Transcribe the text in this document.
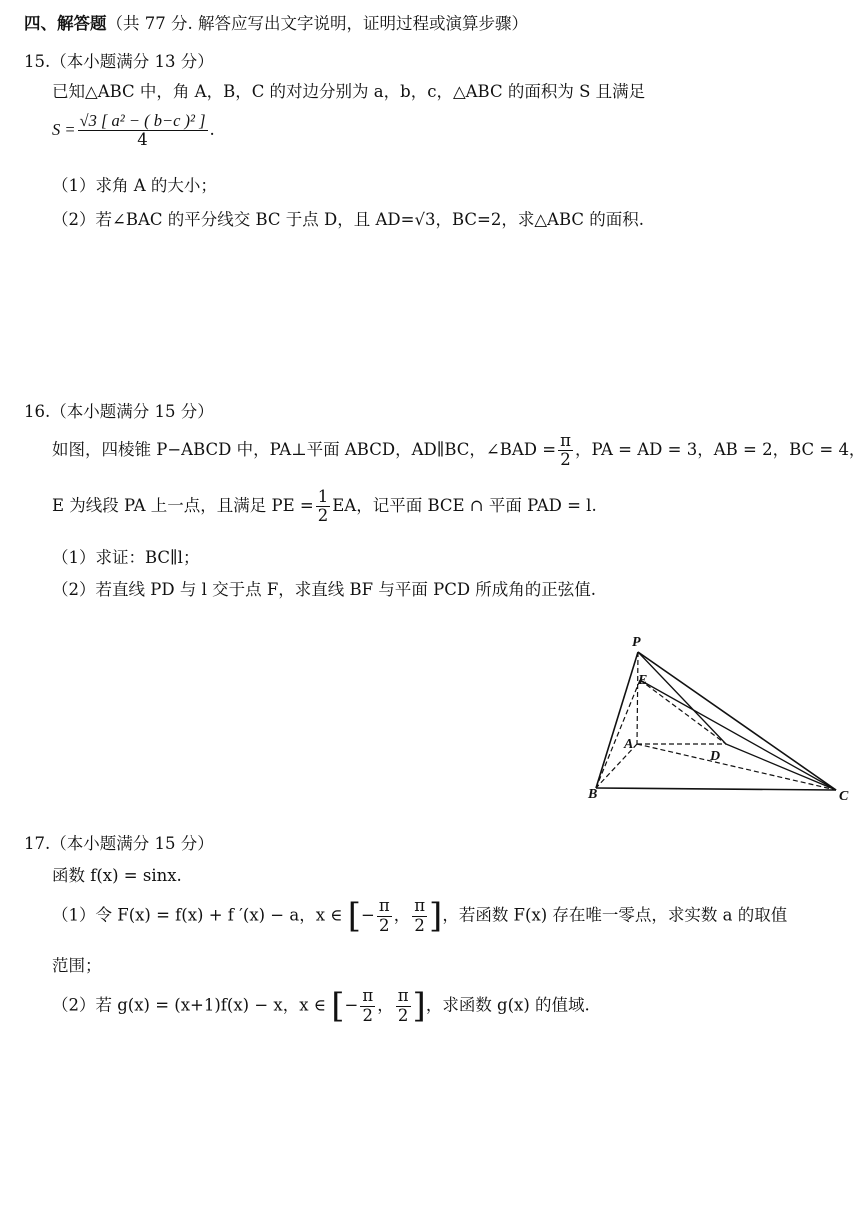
四、解答题（共 77 分. 解答应写出文字说明，证明过程或演算步骤）
15.（本小题满分 13 分）
已知△ABC 中，角 A，B，C 的对边分别为 a，b，c，△ABC 的面积为 S 且满足
$S = \frac{\text{√3 [ a² − ( b−c )² ]}}{4}$ .
（1）求角 A 的大小；
（2）若∠BAC 的平分线交 BC 于点 D，且 AD=√3，BC=2，求△ABC 的面积.
16.（本小题满分 15 分）
如图，四棱锥 P−ABCD 中，PA⊥平面 ABCD，AD∥BC，∠BAD = $\frac{\pi}{2}$ ，PA = AD = 3，AB = 2，BC = 4，
E 为线段 PA 上一点，且满足 PE = $\frac{1}{2}$ EA，记平面 BCE ∩ 平面 PAD = l.
（1）求证：BC∥l；
（2）若直线 PD 与 l 交于点 F，求直线 BF 与平面 PCD 所成角的正弦值.
P
E
A
D
B	C
17.（本小题满分 15 分）
函数 f(x) = sinx.
（1）令 F(x) = f(x) + f ′(x) − a，x ∈ [− $\frac{\pi}{2}$ ， $\frac{\pi}{2}$ ]，若函数 F(x) 存在唯一零点，求实数 a 的取值
范围；
（2）若 g(x) = (x+1)f(x) − x，x ∈ [− $\frac{\pi}{2}$ ， $\frac{\pi}{2}$ ]，求函数 g(x) 的值域.
